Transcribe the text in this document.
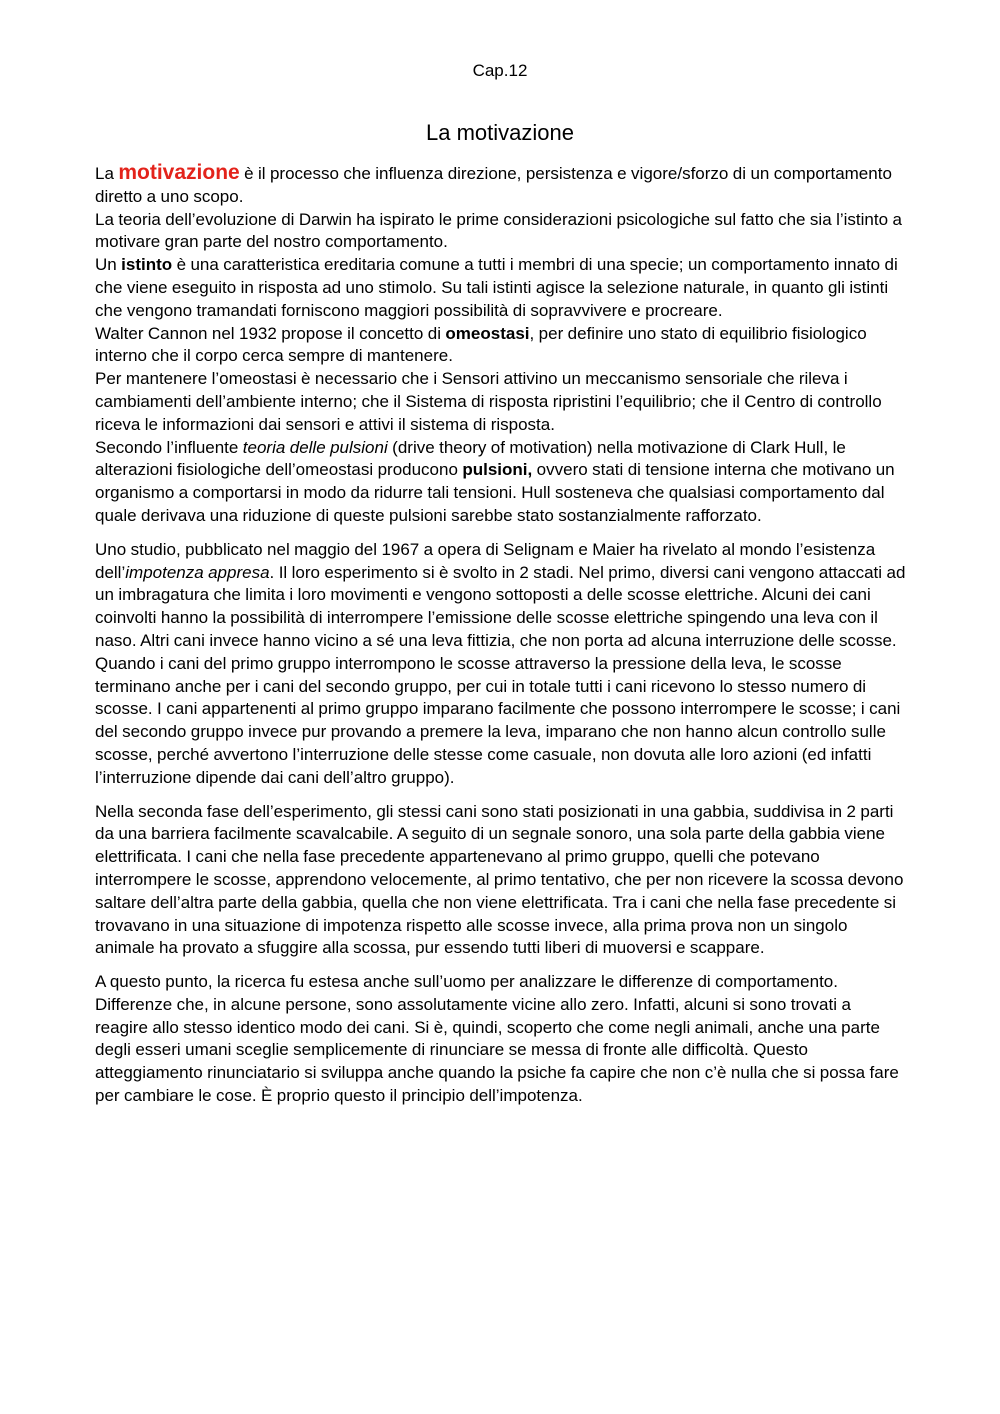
Cap.12
La motivazione

La motivazione è il processo che influenza direzione, persistenza e vigore/sforzo di un comportamento diretto a uno scopo.

La teoria dell’evoluzione di Darwin ha ispirato le prime considerazioni psicologiche sul fatto che sia l’istinto a motivare gran parte del nostro comportamento.

Un istinto è una caratteristica ereditaria comune a tutti i membri di una specie; un comportamento innato di che viene eseguito in risposta ad uno stimolo. Su tali istinti agisce la selezione naturale, in quanto gli istinti che vengono tramandati forniscono maggiori possibilità di sopravvivere e procreare.

Walter Cannon nel 1932 propose il concetto di omeostasi, per definire uno stato di equilibrio fisiologico interno che il corpo cerca sempre di mantenere.

Per mantenere l’omeostasi è necessario che i Sensori attivino un meccanismo sensoriale che rileva i cambiamenti dell’ambiente interno; che il Sistema di risposta ripristini l’equilibrio; che il Centro di controllo riceva le informazioni dai sensori e attivi il sistema di risposta.

Secondo l’influente teoria delle pulsioni (drive theory of motivation) nella motivazione di Clark Hull, le alterazioni fisiologiche dell’omeostasi producono pulsioni, ovvero stati di tensione interna che motivano un organismo a comportarsi in modo da ridurre tali tensioni. Hull sosteneva che qualsiasi comportamento dal quale derivava una riduzione di queste pulsioni sarebbe stato sostanzialmente rafforzato.

Uno studio, pubblicato nel maggio del 1967 a opera di Selignam e Maier ha rivelato al mondo l’esistenza dell’impotenza appresa. Il loro esperimento si è svolto in 2 stadi. Nel primo, diversi cani vengono attaccati ad un imbragatura che limita i loro movimenti e vengono sottoposti a delle scosse elettriche. Alcuni dei cani coinvolti hanno la possibilità di interrompere l’emissione delle scosse elettriche spingendo una leva con il naso. Altri cani invece hanno vicino a sé una leva fittizia, che non porta ad alcuna interruzione delle scosse. Quando i cani del primo gruppo interrompono le scosse attraverso la pressione della leva, le scosse terminano anche per i cani del secondo gruppo, per cui in totale tutti i cani ricevono lo stesso numero di scosse. I cani appartenenti al primo gruppo imparano facilmente che possono interrompere le scosse; i cani del secondo gruppo invece pur provando a premere la leva, imparano che non hanno alcun controllo sulle scosse, perché avvertono l’interruzione delle stesse come casuale, non dovuta alle loro azioni (ed infatti l’interruzione dipende dai cani dell’altro gruppo).

Nella seconda fase dell’esperimento, gli stessi cani sono stati posizionati in una gabbia, suddivisa in 2 parti da una barriera facilmente scavalcabile. A seguito di un segnale sonoro, una sola parte della gabbia viene elettrificata. I cani che nella fase precedente appartenevano al primo gruppo, quelli che potevano interrompere le scosse, apprendono velocemente, al primo tentativo, che per non ricevere la scossa devono saltare dell’altra parte della gabbia, quella che non viene elettrificata. Tra i cani che nella fase precedente si trovavano in una situazione di impotenza rispetto alle scosse invece, alla prima prova non un singolo animale ha provato a sfuggire alla scossa, pur essendo tutti liberi di muoversi e scappare.

A questo punto, la ricerca fu estesa anche sull’uomo per analizzare le differenze di comportamento. Differenze che, in alcune persone, sono assolutamente vicine allo zero. Infatti, alcuni si sono trovati a reagire allo stesso identico modo dei cani. Si è, quindi, scoperto che come negli animali, anche una parte degli esseri umani sceglie semplicemente di rinunciare se messa di fronte alle difficoltà. Questo atteggiamento rinunciatario si sviluppa anche quando la psiche fa capire che non c’è nulla che si possa fare per cambiare le cose. È proprio questo il principio dell’impotenza.
